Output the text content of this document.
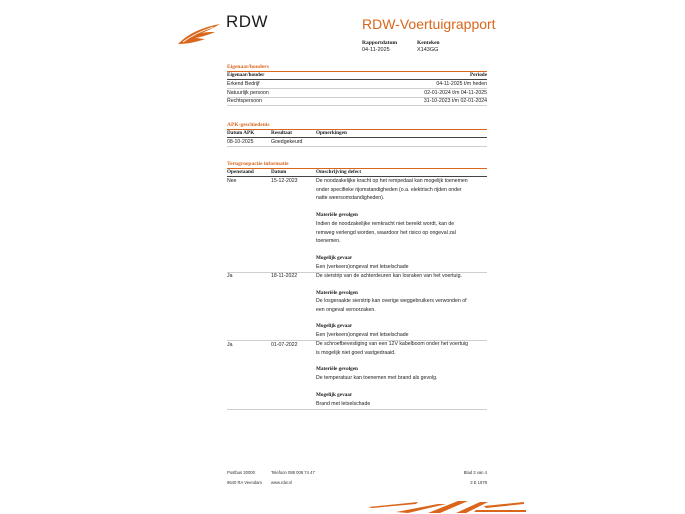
RDW	RDW-Voertuigrapport
Rapportdatum
04-11-2025
Kenteken
X143GG
Eigenaar/houders
Eigenaar/houder	Periode
Erkend Bedrijf	04-11-2025 t/m heden
Natuurlijk persoon	02-01-2024 t/m 04-11-2025
Rechtspersoon	31-10-2023 t/m 02-01-2024
APK-geschiedenis
Datum APK	Resultaat	Opmerkingen
08-10-2025	Goedgekeurd
Terugroepactie informatie
Openstaand	Datum	Omschrijving defect
Nee	15-12-2023	De noodzakelijke kracht op het rempedaal kan mogelijk toenemen
onder specifieke rijomstandigheden (o.a. elektrisch rijden onder
natte weersomstandigheden).
Materiële gevolgen
Indien de noodzakelijke remkracht niet bereikt wordt, kan de
remweg verlengd worden, waardoor het risico op ongeval zal
toenemen.
Mogelijk gevaar
Een (verkeers)ongeval met letselschade
Ja	18-11-2022	De sierstrip van de achterdeuren kan losraken van het voertuig.
Materiële gevolgen
De losgeraakte sierstrip kan overige weggebruikers verwonden of
een ongeval veroorzaken.
Mogelijk gevaar
Een (verkeers)ongeval met letselschade
Ja	01-07-2022	De schroefbevestiging van een 12V kabelboom onder het voertuig
is mogelijk niet goed vastgedraaid.
Materiële gevolgen
De temperatuur kan toenemen met brand als gevolg.
Mogelijk gevaar
Brand met letselschade
Postbus 30000
9640 RA Veendam
Telefoon 088 008 74 47
www.rdw.nl
Blad 3 van 4
3 E 1978
